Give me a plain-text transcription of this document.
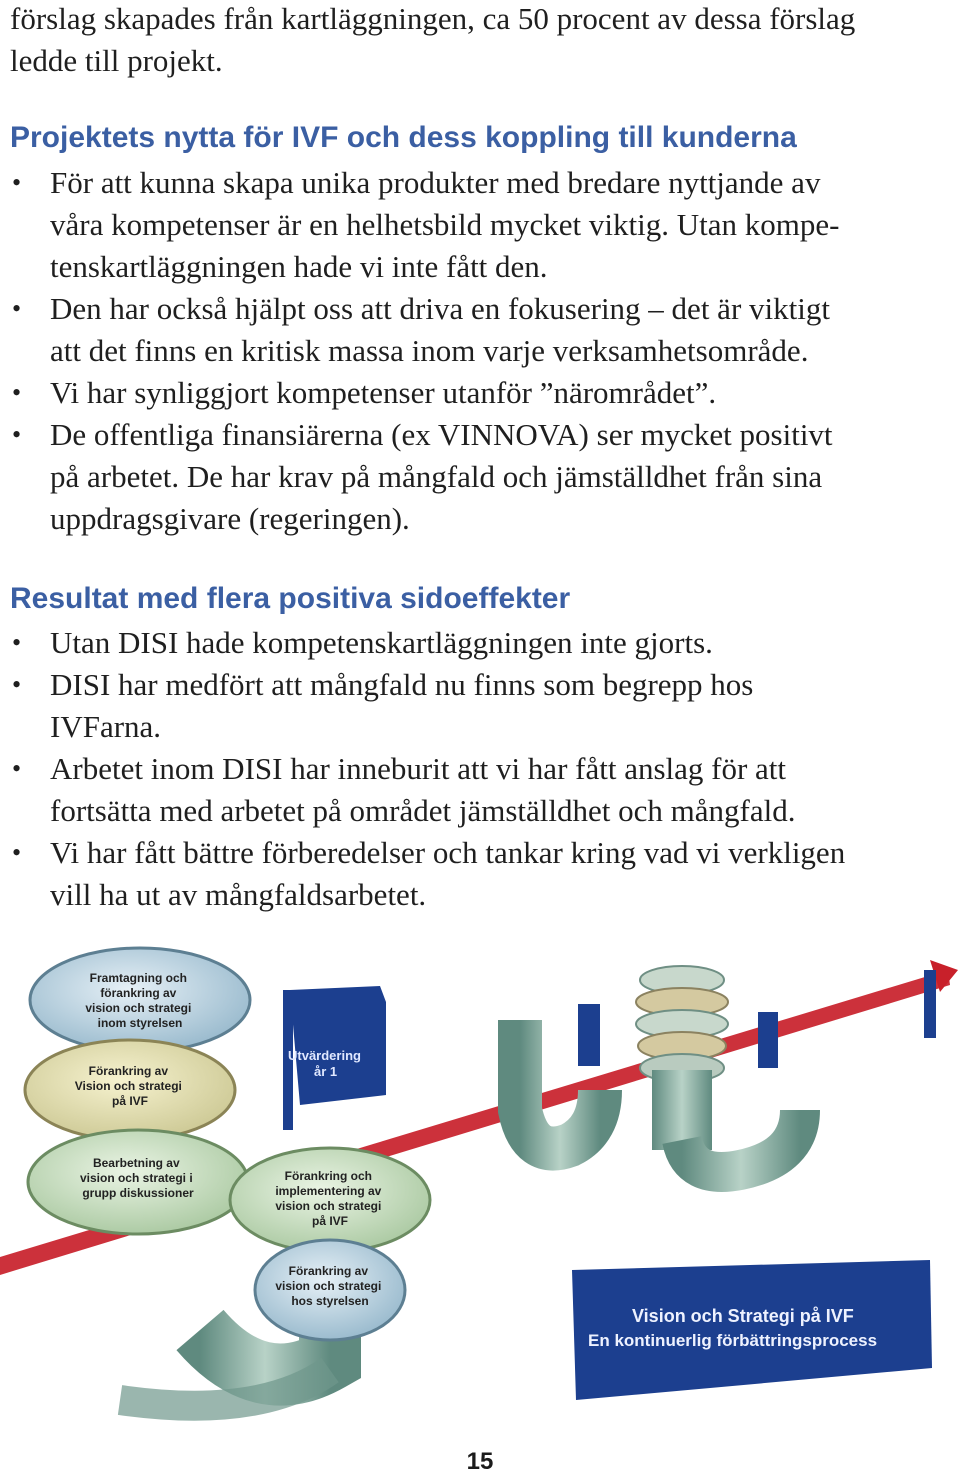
förslag skapades från kartläggningen, ca 50 procent av dessa förslag
ledde till projekt.
Projektets nytta för IVF och dess koppling till kunderna
• För att kunna skapa unika produkter med bredare nyttjande av
våra kompetenser är en helhetsbild mycket viktig. Utan kompe-
tenskartläggningen hade vi inte fått den.
• Den har också hjälpt oss att driva en fokusering – det är viktigt
att det finns en kritisk massa inom varje verksamhetsområde.
• Vi har synliggjort kompetenser utanför ”närområdet”.
• De offentliga finansiärerna (ex VINNOVA) ser mycket positivt
på arbetet. De har krav på mångfald och jämställdhet från sina
uppdragsgivare (regeringen).
Resultat med flera positiva sidoeffekter
• Utan DISI hade kompetenskartläggningen inte gjorts.
• DISI har medfört att mångfald nu finns som begrepp hos
IVFarna.
• Arbetet inom DISI har inneburit att vi har fått anslag för att
fortsätta med arbetet på området jämställdhet och mångfald.
• Vi har fått bättre förberedelser och tankar kring vad vi verkligen
vill ha ut av mångfaldsarbetet.
Utvärdering
år 1
Framtagning och förankring av vision och strategi inom styrelsen
Förankring av Vision och strategi på IVF
Bearbetning av vision och strategi i grupp diskussioner
Förankring och implementering av vision och strategi på IVF
Förankring av vision och strategi hos styrelsen
Vision och Strategi på IVF
En kontinuerlig förbättringsprocess
15
